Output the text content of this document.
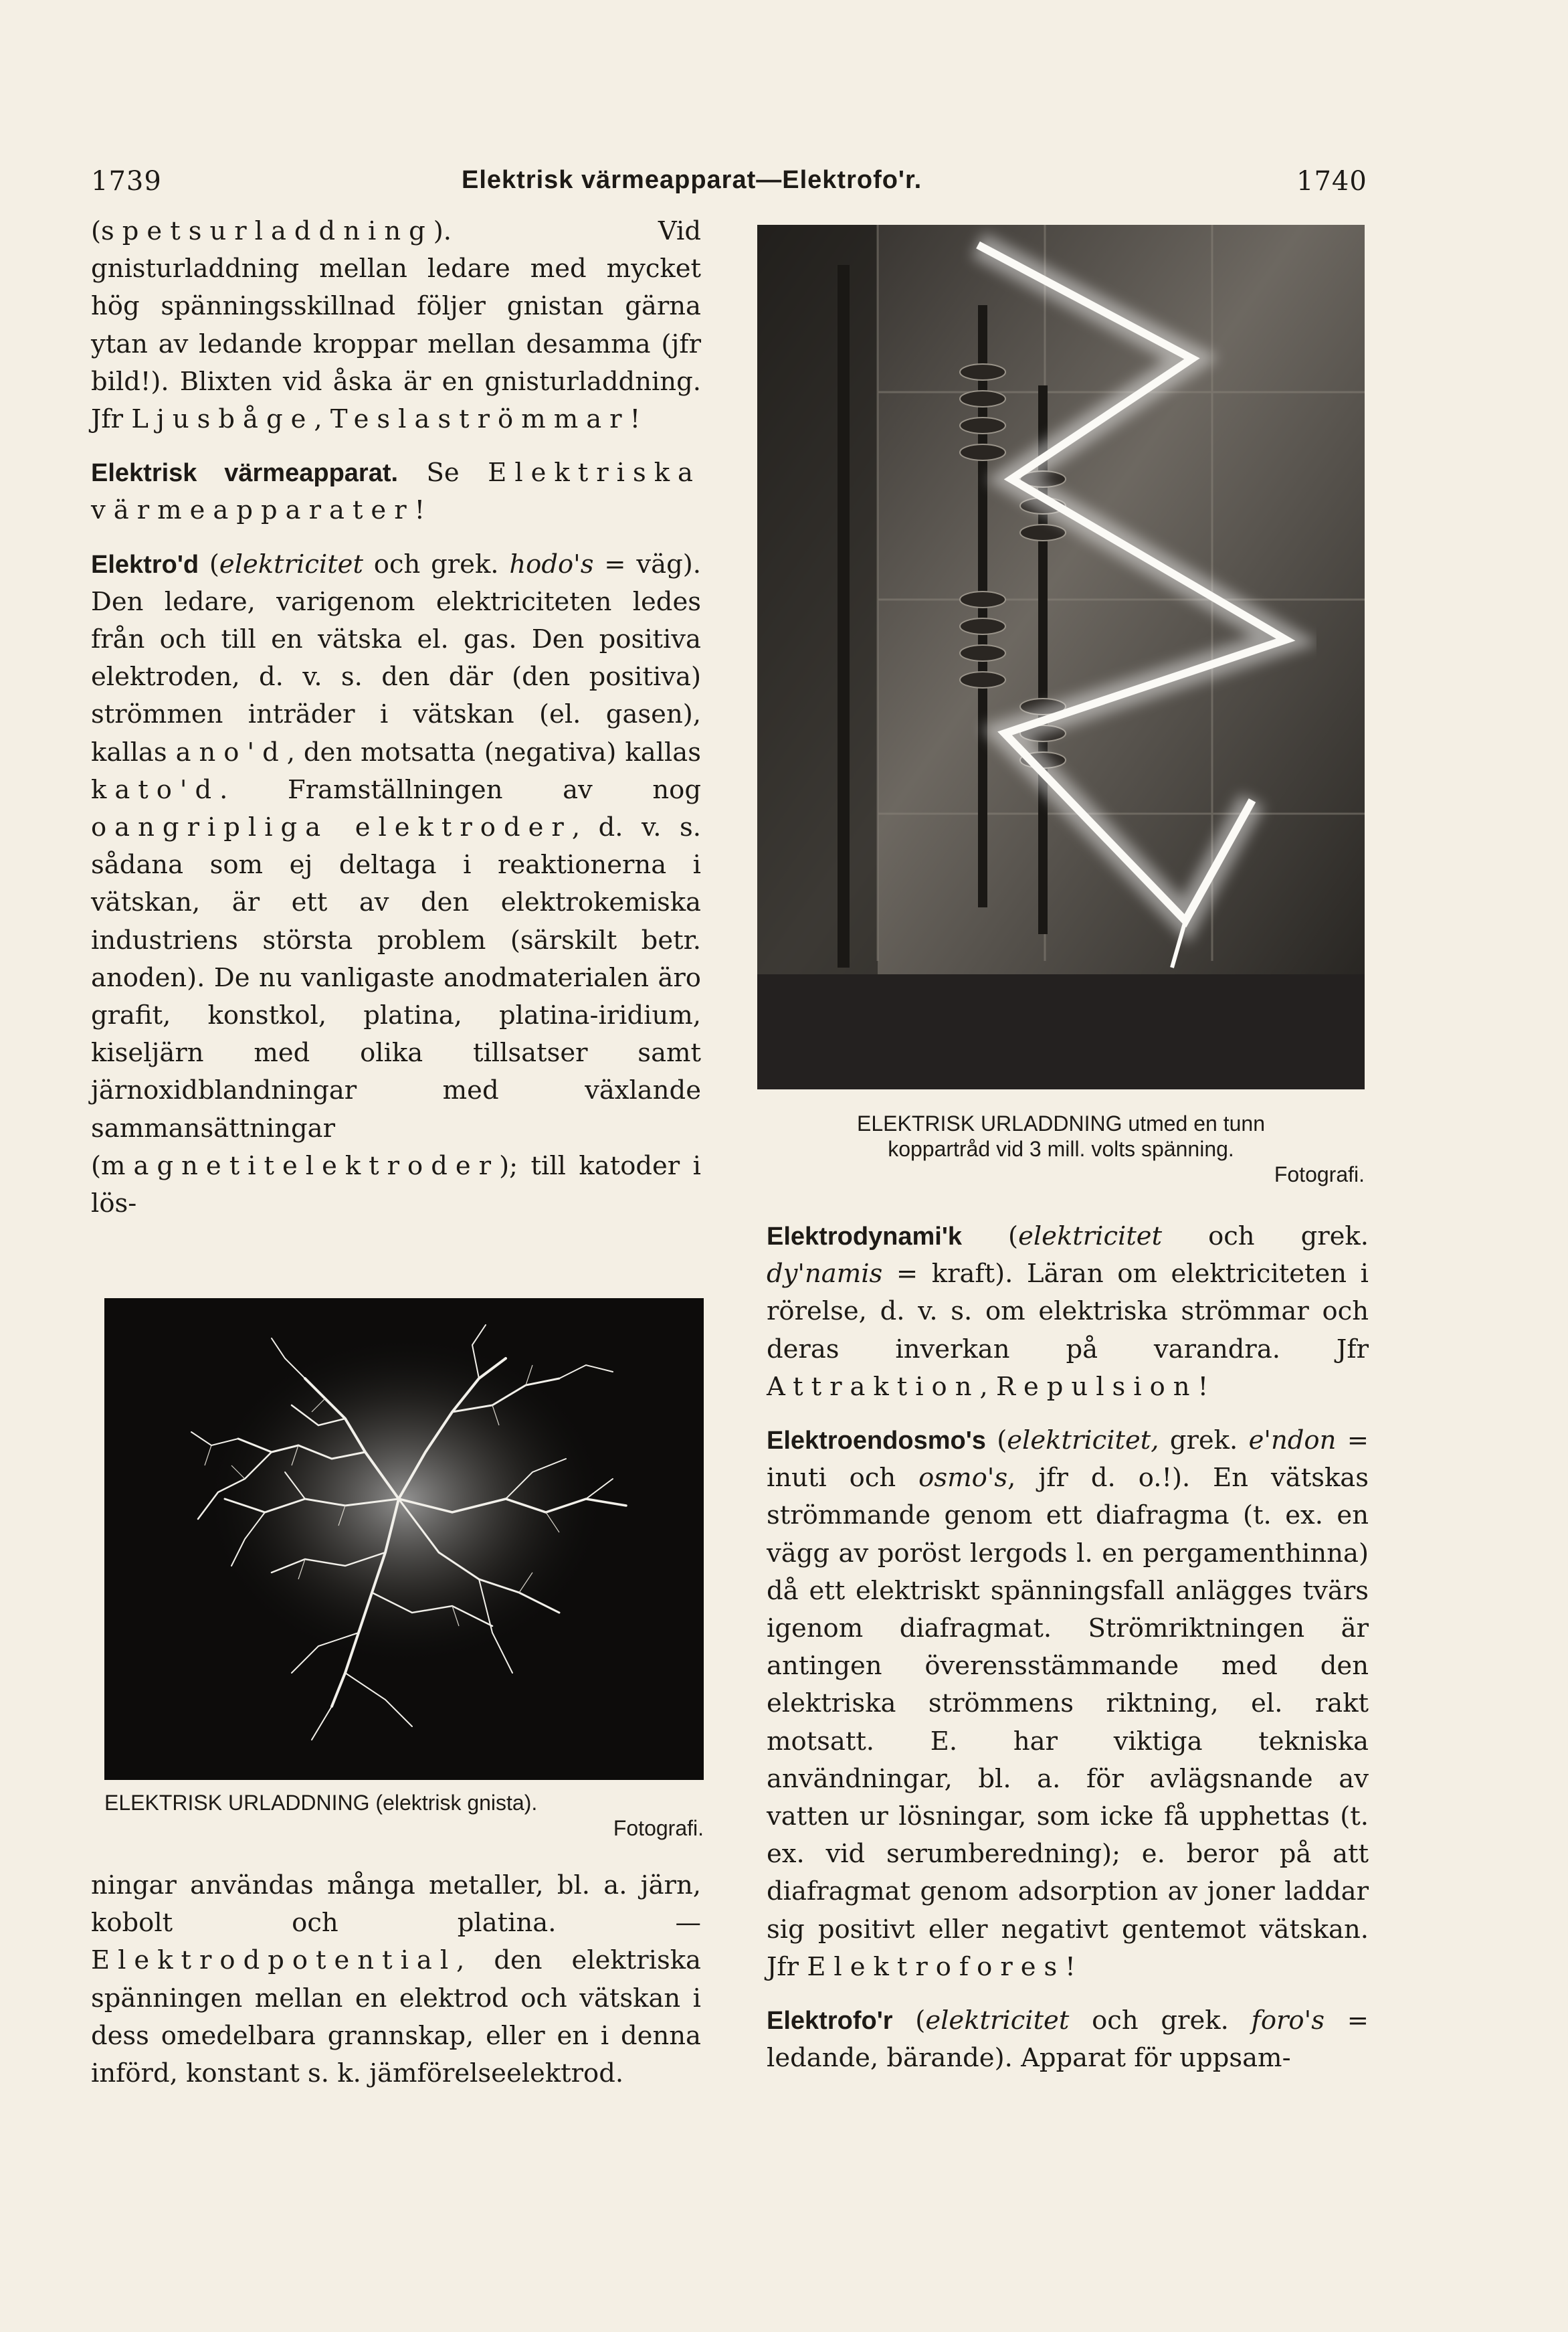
1739	Elektrisk värmeapparat—Elektrofo'r.	1740

(spetsurladdning). Vid gnisturladdning mellan ledare med mycket hög spänningsskillnad följer gnistan gärna ytan av ledande kroppar mellan desamma (jfr bild!). Blixten vid åska är en gnisturladdning. Jfr Ljusbåge, Teslaströmmar!

Elektrisk värmeapparat. Se Elektriska värmeapparater!

Elektro'd (elektricitet och grek. hodo's = väg). Den ledare, varigenom elektriciteten ledes från och till en vätska el. gas. Den positiva elektroden, d. v. s. den där (den positiva) strömmen inträder i vätskan (el. gasen), kallas ano'd, den motsatta (negativa) kallas kato'd. Framställningen av nog oangripliga elektroder, d. v. s. sådana som ej deltaga i reaktionerna i vätskan, är ett av den elektrokemiska industriens största problem (särskilt betr. anoden). De nu vanligaste anodmaterialen äro grafit, konstkol, platina, platina-iridium, kiseljärn med olika tillsatser samt järnoxidblandningar med växlande sammansättningar (magnetitelektroder); till katoder i lös-

ELEKTRISK URLADDNING (elektrisk gnista).
Fotografi.

ningar användas många metaller, bl. a. järn, kobolt och platina. — Elektrodpotential, den elektriska spänningen mellan en elektrod och vätskan i dess omedelbara grannskap, eller en i denna införd, konstant s. k. jämförelseelektrod.

ELEKTRISK URLADDNING utmed en tunn
koppartråd vid 3 mill. volts spänning.
Fotografi.

Elektrodynami'k (elektricitet och grek. dy'namis = kraft). Läran om elektriciteten i rörelse, d. v. s. om elektriska strömmar och deras inverkan på varandra. Jfr Attraktion, Repulsion!

Elektroendosmo's (elektricitet, grek. e'ndon = inuti och osmo's, jfr d. o.!). En vätskas strömmande genom ett diafragma (t. ex. en vägg av poröst lergods l. en pergamenthinna) då ett elektriskt spänningsfall anlägges tvärs igenom diafragmat. Strömriktningen är antingen överensstämmande med den elektriska strömmens riktning, el. rakt motsatt. E. har viktiga tekniska användningar, bl. a. för avlägsnande av vatten ur lösningar, som icke få upphettas (t. ex. vid serumberedning); e. beror på att diafragmat genom adsorption av joner laddar sig positivt eller negativt gentemot vätskan. Jfr Elektrofores!

Elektrofo'r (elektricitet och grek. foro's = ledande, bärande). Apparat för uppsam-
